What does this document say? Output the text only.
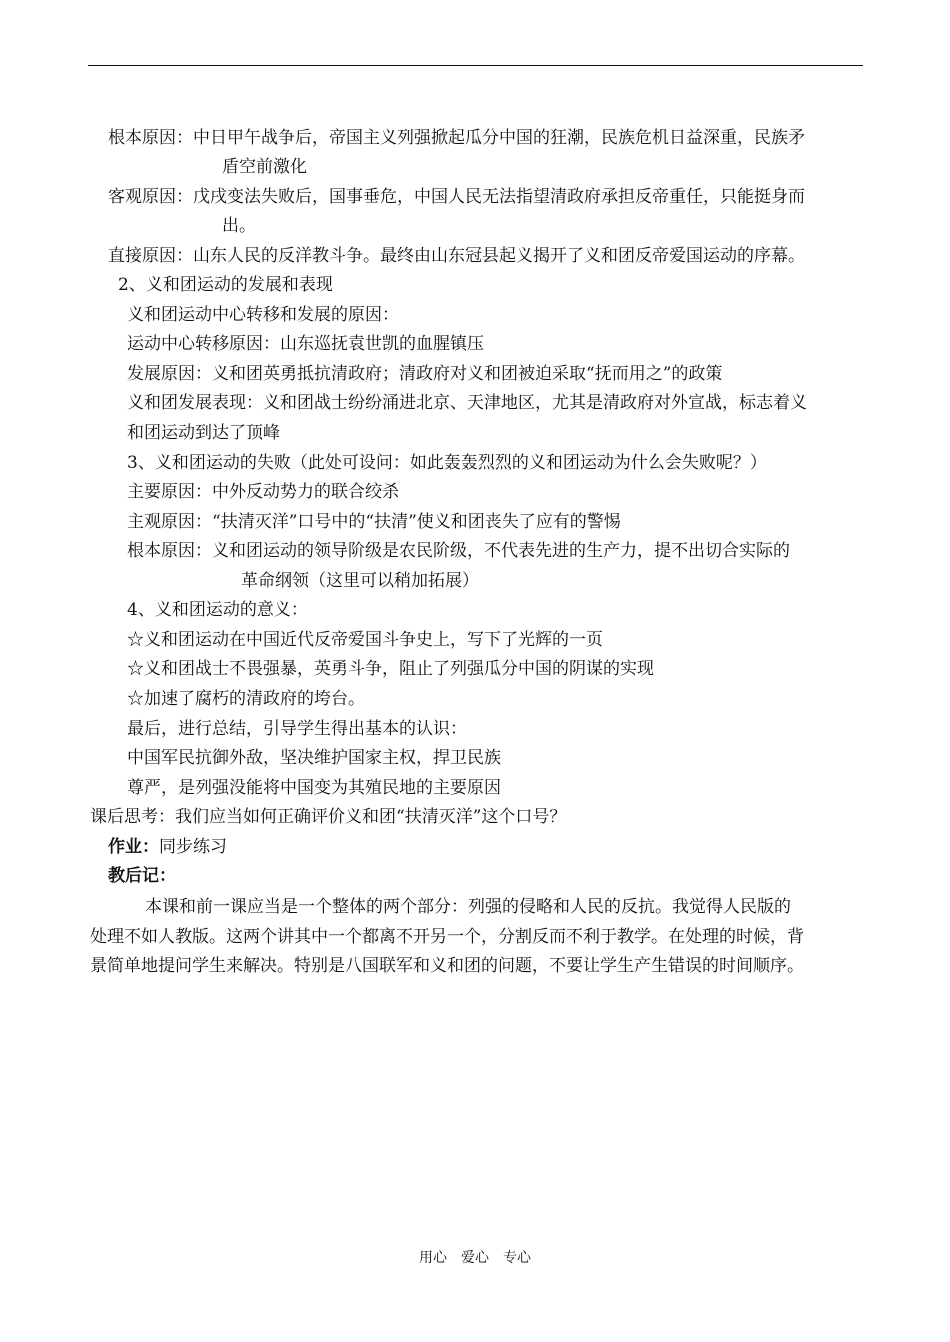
根本原因：中日甲午战争后，帝国主义列强掀起瓜分中国的狂潮，民族危机日益深重，民族矛
盾空前激化
客观原因：戊戌变法失败后，国事垂危，中国人民无法指望清政府承担反帝重任，只能挺身而
出。
直接原因：山东人民的反洋教斗争。最终由山东冠县起义揭开了义和团反帝爱国运动的序幕。
2、义和团运动的发展和表现
义和团运动中心转移和发展的原因：
运动中心转移原因：山东巡抚袁世凯的血腥镇压
发展原因：义和团英勇抵抗清政府；清政府对义和团被迫采取“抚而用之”的政策
义和团发展表现：义和团战士纷纷涌进北京、天津地区，尤其是清政府对外宣战，标志着义
和团运动到达了顶峰
3、义和团运动的失败（此处可设问：如此轰轰烈烈的义和团运动为什么会失败呢？）
主要原因：中外反动势力的联合绞杀
主观原因：“扶清灭洋”口号中的“扶清”使义和团丧失了应有的警惕
根本原因：义和团运动的领导阶级是农民阶级，不代表先进的生产力，提不出切合实际的
革命纲领（这里可以稍加拓展）
4、义和团运动的意义：
☆义和团运动在中国近代反帝爱国斗争史上，写下了光辉的一页
☆义和团战士不畏强暴，英勇斗争，阻止了列强瓜分中国的阴谋的实现
☆加速了腐朽的清政府的垮台。
最后，进行总结，引导学生得出基本的认识：
中国军民抗御外敌，坚决维护国家主权，捍卫民族
尊严，是列强没能将中国变为其殖民地的主要原因
课后思考：我们应当如何正确评价义和团“扶清灭洋”这个口号？
作业：同步练习
教后记：
本课和前一课应当是一个整体的两个部分：列强的侵略和人民的反抗。我觉得人民版的
处理不如人教版。这两个讲其中一个都离不开另一个，分割反而不利于教学。在处理的时候，背
景简单地提问学生来解决。特别是八国联军和义和团的问题，不要让学生产生错误的时间顺序。
用心　爱心　专心
